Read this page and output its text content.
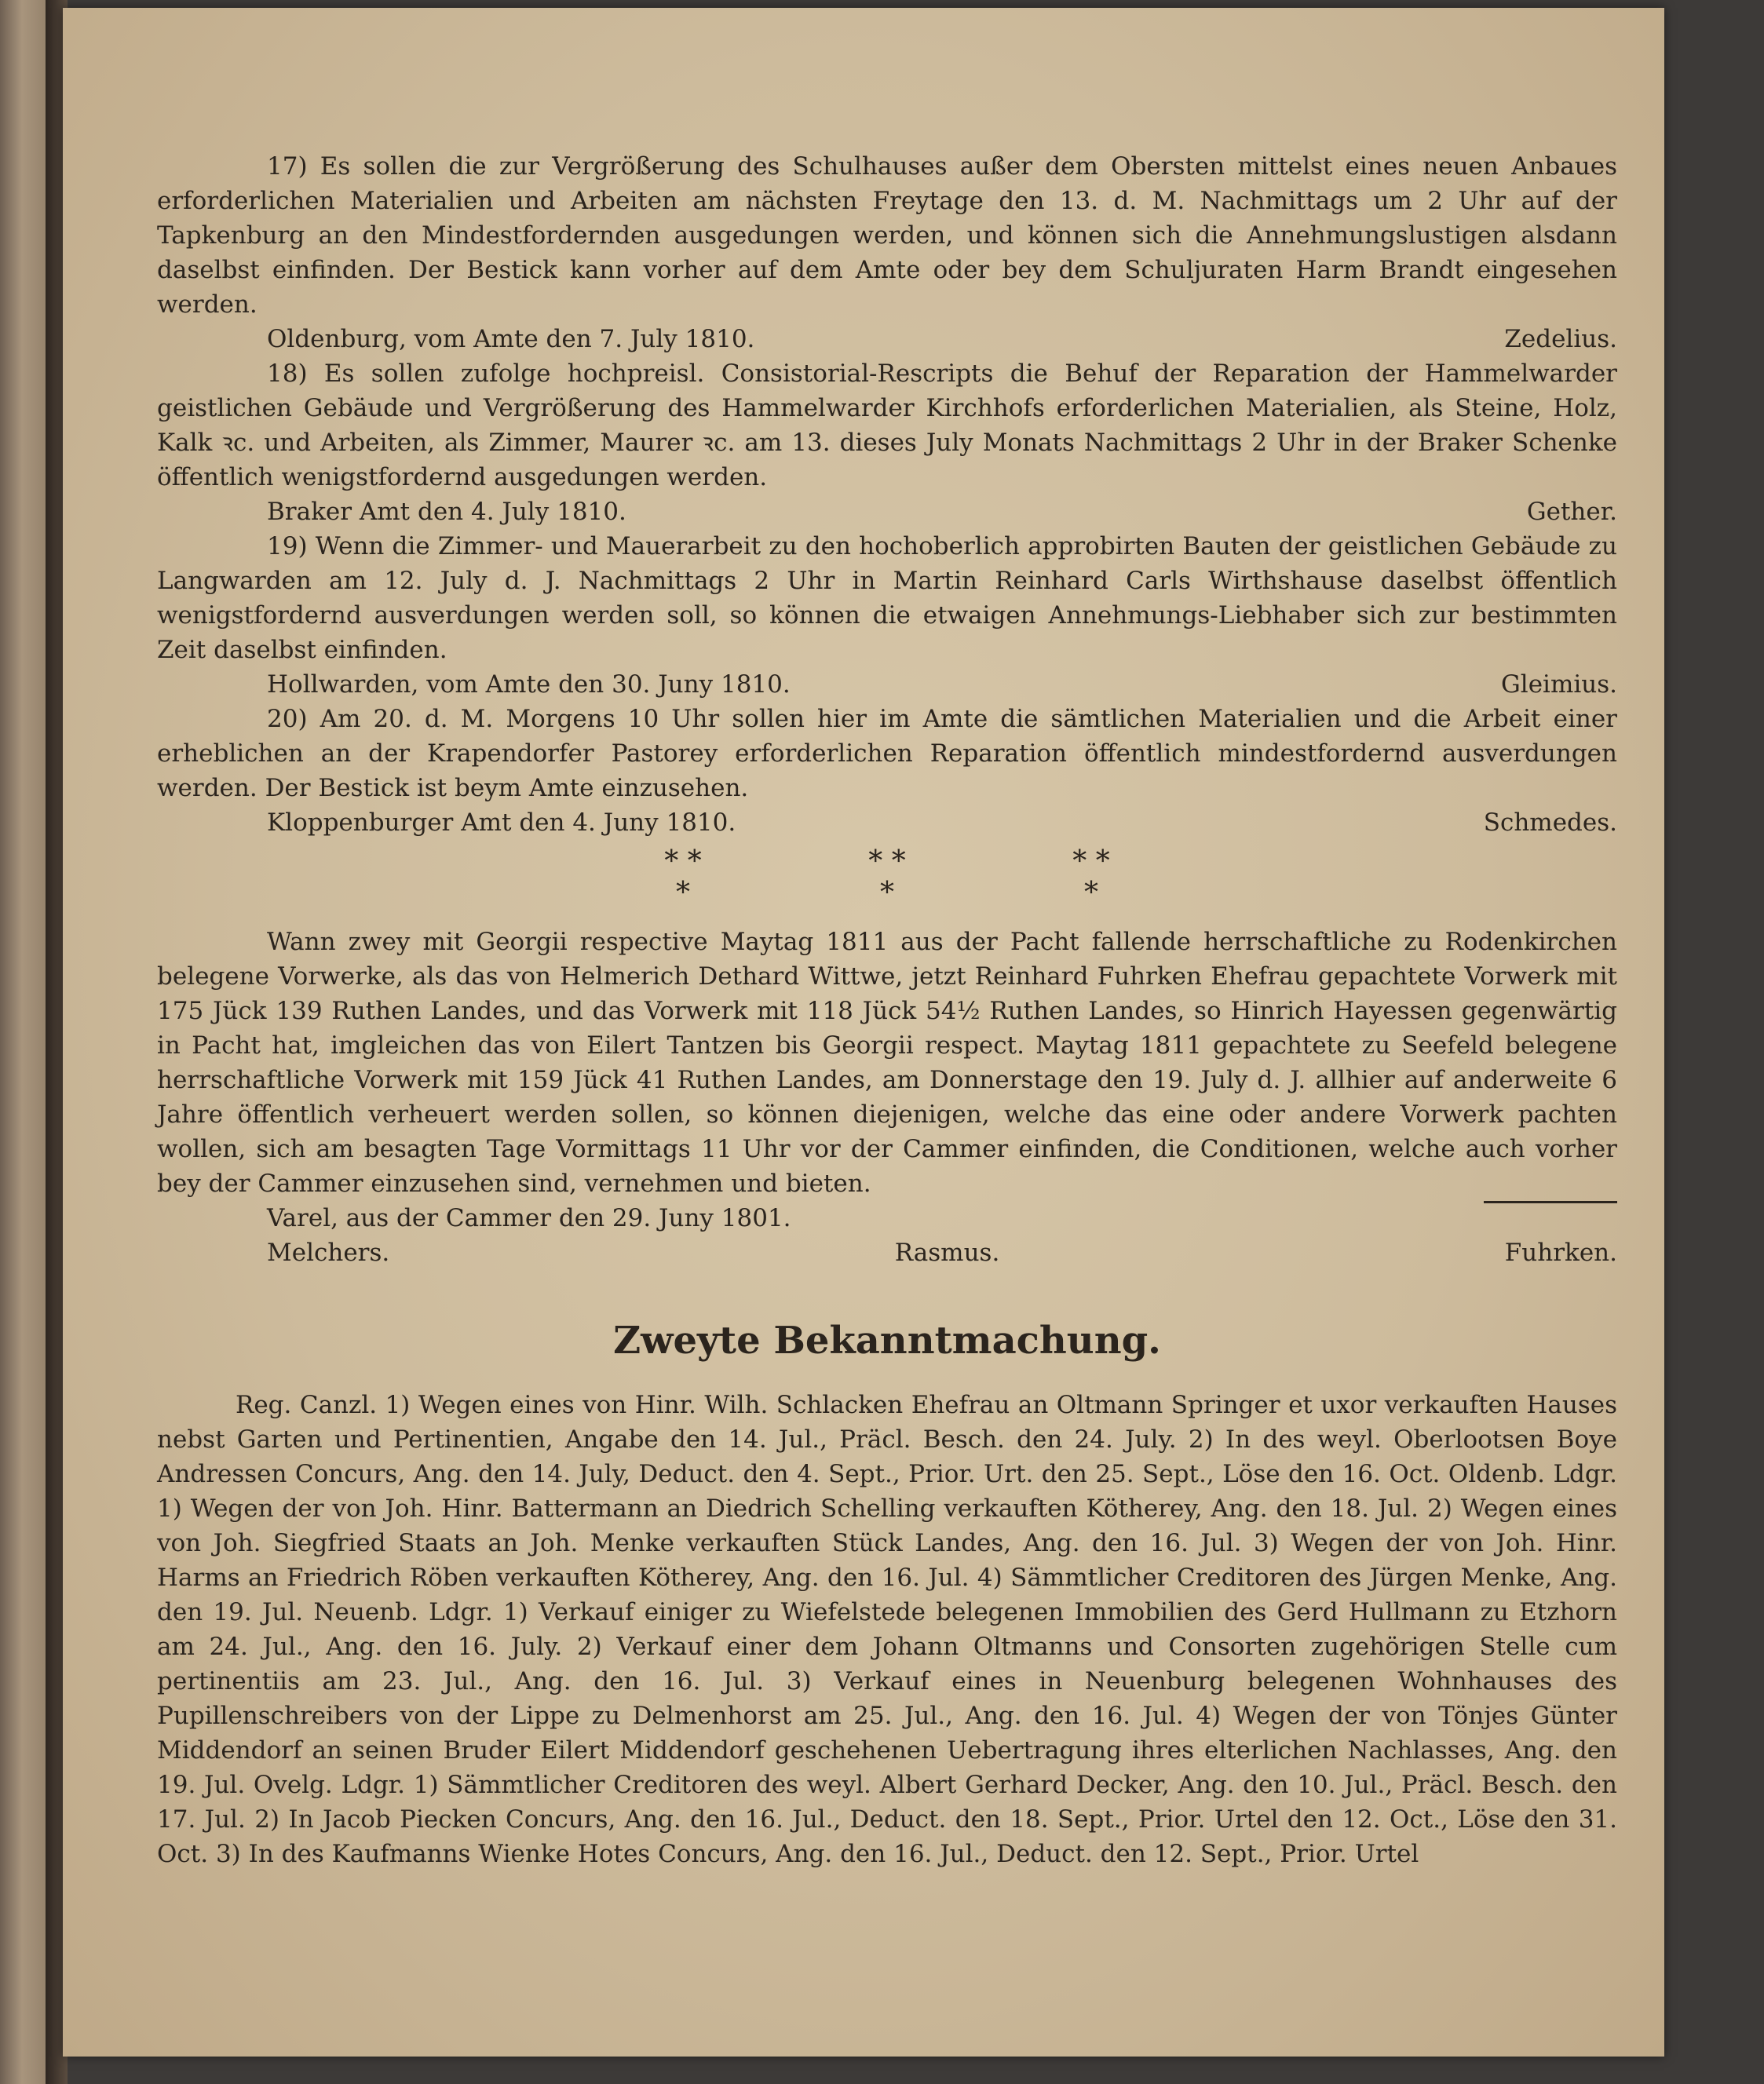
17) Es sollen die zur Vergrößerung des Schulhauses außer dem Obersten mittelst eines neuen Anbaues erforderlichen Materialien und Arbeiten am nächsten Freytage den 13. d. M. Nachmittags um 2 Uhr auf der Tapkenburg an den Mindestfordernden ausgedungen werden, und können sich die Annehmungslustigen alsdann daselbst einfinden. Der Bestick kann vorher auf dem Amte oder bey dem Schuljuraten Harm Brandt eingesehen werden.

Oldenburg, vom Amte den 7. July 1810.	Zedelius.

18) Es sollen zufolge hochpreisl. Consistorial-Rescripts die Behuf der Reparation der Hammelwarder geistlichen Gebäude und Vergrößerung des Hammelwarder Kirchhofs erforderlichen Materialien, als Steine, Holz, Kalk ꝛc. und Arbeiten, als Zimmer, Maurer ꝛc. am 13. dieses July Monats Nachmittags 2 Uhr in der Braker Schenke öffentlich wenigstfordernd ausgedungen werden.

Braker Amt den 4. July 1810.	Gether.

19) Wenn die Zimmer- und Mauerarbeit zu den hochoberlich approbirten Bauten der geistlichen Gebäude zu Langwarden am 12. July d. J. Nachmittags 2 Uhr in Martin Reinhard Carls Wirthshause daselbst öffentlich wenigstfordernd ausverdungen werden soll, so können die etwaigen Annehmungs-Liebhaber sich zur bestimmten Zeit daselbst einfinden.

Hollwarden, vom Amte den 30. Juny 1810.	Gleimius.

20) Am 20. d. M. Morgens 10 Uhr sollen hier im Amte die sämtlichen Materialien und die Arbeit einer erheblichen an der Krapendorfer Pastorey erforderlichen Reparation öffentlich mindestfordernd ausverdungen werden. Der Bestick ist beym Amte einzusehen.

Kloppenburger Amt den 4. Juny 1810.	Schmedes.

* *
*
* *
*
* *
*

Wann zwey mit Georgii respective Maytag 1811 aus der Pacht fallende herrschaftliche zu Rodenkirchen belegene Vorwerke, als das von Helmerich Dethard Wittwe, jetzt Reinhard Fuhrken Ehefrau gepachtete Vorwerk mit 175 Jück 139 Ruthen Landes, und das Vorwerk mit 118 Jück 54½ Ruthen Landes, so Hinrich Hayessen gegenwärtig in Pacht hat, imgleichen das von Eilert Tantzen bis Georgii respect. Maytag 1811 gepachtete zu Seefeld belegene herrschaftliche Vorwerk mit 159 Jück 41 Ruthen Landes, am Donnerstage den 19. July d. J. allhier auf anderweite 6 Jahre öffentlich verheuert werden sollen, so können diejenigen, welche das eine oder andere Vorwerk pachten wollen, sich am besagten Tage Vormittags 11 Uhr vor der Cammer einfinden, die Conditionen, welche auch vorher bey der Cammer einzusehen sind, vernehmen und bieten.

Varel, aus der Cammer den 29. Juny 1801.

Melchers.	Rasmus.	Fuhrken.

Zweyte Bekanntmachung.

Reg. Canzl. 1) Wegen eines von Hinr. Wilh. Schlacken Ehefrau an Oltmann Springer et uxor verkauften Hauses nebst Garten und Pertinentien, Angabe den 14. Jul., Präcl. Besch. den 24. July. 2) In des weyl. Oberlootsen Boye Andressen Concurs, Ang. den 14. July, Deduct. den 4. Sept., Prior. Urt. den 25. Sept., Löse den 16. Oct. Oldenb. Ldgr. 1) Wegen der von Joh. Hinr. Battermann an Diedrich Schelling verkauften Kötherey, Ang. den 18. Jul. 2) Wegen eines von Joh. Siegfried Staats an Joh. Menke verkauften Stück Landes, Ang. den 16. Jul. 3) Wegen der von Joh. Hinr. Harms an Friedrich Röben verkauften Kötherey, Ang. den 16. Jul. 4) Sämmtlicher Creditoren des Jürgen Menke, Ang. den 19. Jul. Neuenb. Ldgr. 1) Verkauf einiger zu Wiefelstede belegenen Immobilien des Gerd Hullmann zu Etzhorn am 24. Jul., Ang. den 16. July. 2) Verkauf einer dem Johann Oltmanns und Consorten zugehörigen Stelle cum pertinentiis am 23. Jul., Ang. den 16. Jul. 3) Verkauf eines in Neuenburg belegenen Wohnhauses des Pupillenschreibers von der Lippe zu Delmenhorst am 25. Jul., Ang. den 16. Jul. 4) Wegen der von Tönjes Günter Middendorf an seinen Bruder Eilert Middendorf geschehenen Uebertragung ihres elterlichen Nachlasses, Ang. den 19. Jul. Ovelg. Ldgr. 1) Sämmtlicher Creditoren des weyl. Albert Gerhard Decker, Ang. den 10. Jul., Präcl. Besch. den 17. Jul. 2) In Jacob Piecken Concurs, Ang. den 16. Jul., Deduct. den 18. Sept., Prior. Urtel den 12. Oct., Löse den 31. Oct. 3) In des Kaufmanns Wienke Hotes Concurs, Ang. den 16. Jul., Deduct. den 12. Sept., Prior. Urtel
